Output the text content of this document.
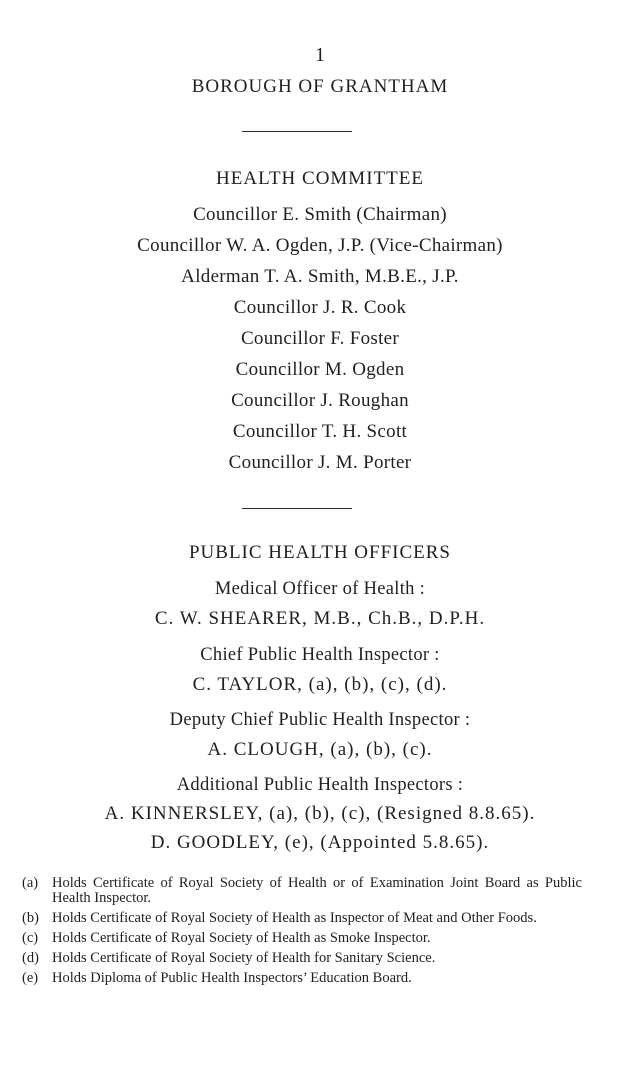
1
BOROUGH OF GRANTHAM
HEALTH COMMITTEE
Councillor E. Smith (Chairman)
Councillor W. A. Ogden, J.P. (Vice-Chairman)
Alderman T. A. Smith, M.B.E., J.P.
Councillor J. R. Cook
Councillor F. Foster
Councillor M. Ogden
Councillor J. Roughan
Councillor T. H. Scott
Councillor J. M. Porter
PUBLIC HEALTH OFFICERS
Medical Officer of Health :
C. W. SHEARER, M.B., Ch.B., D.P.H.
Chief Public Health Inspector :
C. TAYLOR, (a), (b), (c), (d).
Deputy Chief Public Health Inspector :
A. CLOUGH, (a), (b), (c).
Additional Public Health Inspectors :
A. KINNERSLEY, (a), (b), (c), (Resigned 8.8.65).
D. GOODLEY, (e), (Appointed 5.8.65).
(a) Holds Certificate of Royal Society of Health or of Examination Joint Board as Public Health Inspector.
(b) Holds Certificate of Royal Society of Health as Inspector of Meat and Other Foods.
(c) Holds Certificate of Royal Society of Health as Smoke Inspector.
(d) Holds Certificate of Royal Society of Health for Sanitary Science.
(e) Holds Diploma of Public Health Inspectors’ Education Board.
